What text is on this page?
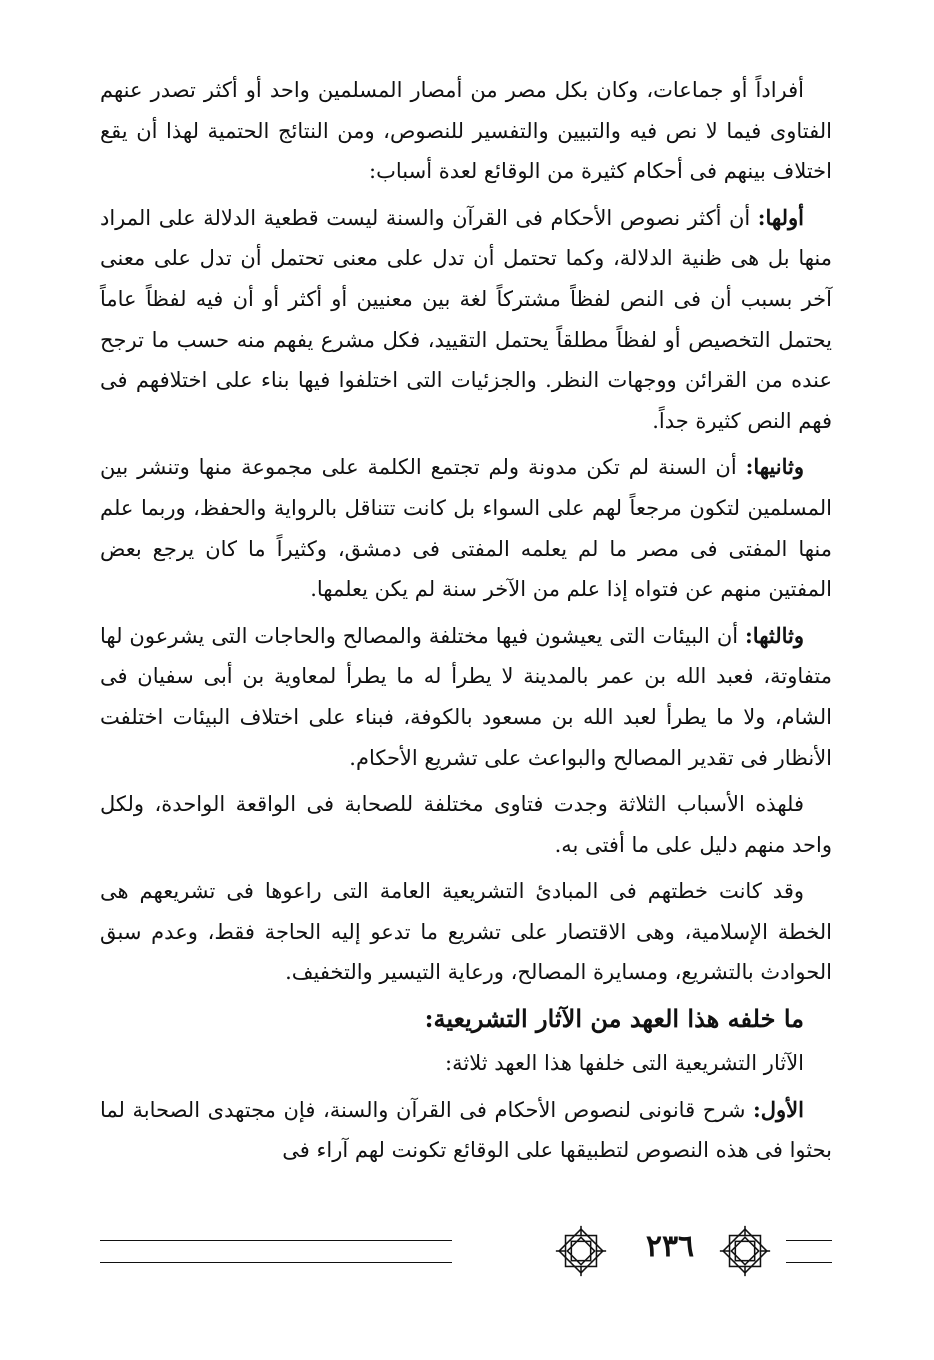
أفراداً أو جماعات، وكان بكل مصر من أمصار المسلمين واحد أو أكثر تصدر عنهم الفتاوى فيما لا نص فيه والتبيين والتفسير للنصوص، ومن النتائج الحتمية لهذا أن يقع اختلاف بينهم فى أحكام كثيرة من الوقائع لعدة أسباب:

أولها: أن أكثر نصوص الأحكام فى القرآن والسنة ليست قطعية الدلالة على المراد منها بل هى ظنية الدلالة، وكما تحتمل أن تدل على معنى تحتمل أن تدل على معنى آخر بسبب أن فى النص لفظاً مشتركاً لغة بين معنيين أو أكثر أو أن فيه لفظاً عاماً يحتمل التخصيص أو لفظاً مطلقاً يحتمل التقييد، فكل مشرع يفهم منه حسب ما ترجح عنده من القرائن ووجهات النظر. والجزئيات التى اختلفوا فيها بناء على اختلافهم فى فهم النص كثيرة جداً.

وثانيها: أن السنة لم تكن مدونة ولم تجتمع الكلمة على مجموعة منها وتنشر بين المسلمين لتكون مرجعاً لهم على السواء بل كانت تتناقل بالرواية والحفظ، وربما علم منها المفتى فى مصر ما لم يعلمه المفتى فى دمشق، وكثيراً ما كان يرجع بعض المفتين منهم عن فتواه إذا علم من الآخر سنة لم يكن يعلمها.

وثالثها: أن البيئات التى يعيشون فيها مختلفة والمصالح والحاجات التى يشرعون لها متفاوتة، فعبد الله بن عمر بالمدينة لا يطرأ له ما يطرأ لمعاوية بن أبى سفيان فى الشام، ولا ما يطرأ لعبد الله بن مسعود بالكوفة، فبناء على اختلاف البيئات اختلفت الأنظار فى تقدير المصالح والبواعث على تشريع الأحكام.

فلهذه الأسباب الثلاثة وجدت فتاوى مختلفة للصحابة فى الواقعة الواحدة، ولكل واحد منهم دليل على ما أفتى به.

وقد كانت خطتهم فى المبادئ التشريعية العامة التى راعوها فى تشريعهم هى الخطة الإسلامية، وهى الاقتصار على تشريع ما تدعو إليه الحاجة فقط، وعدم سبق الحوادث بالتشريع، ومسايرة المصالح، ورعاية التيسير والتخفيف.

ما خلفه هذا العهد من الآثار التشريعية:

الآثار التشريعية التى خلفها هذا العهد ثلاثة:

الأول: شرح قانونى لنصوص الأحكام فى القرآن والسنة، فإن مجتهدى الصحابة لما بحثوا فى هذه النصوص لتطبيقها على الوقائع تكونت لهم آراء فى

٢٣٦
